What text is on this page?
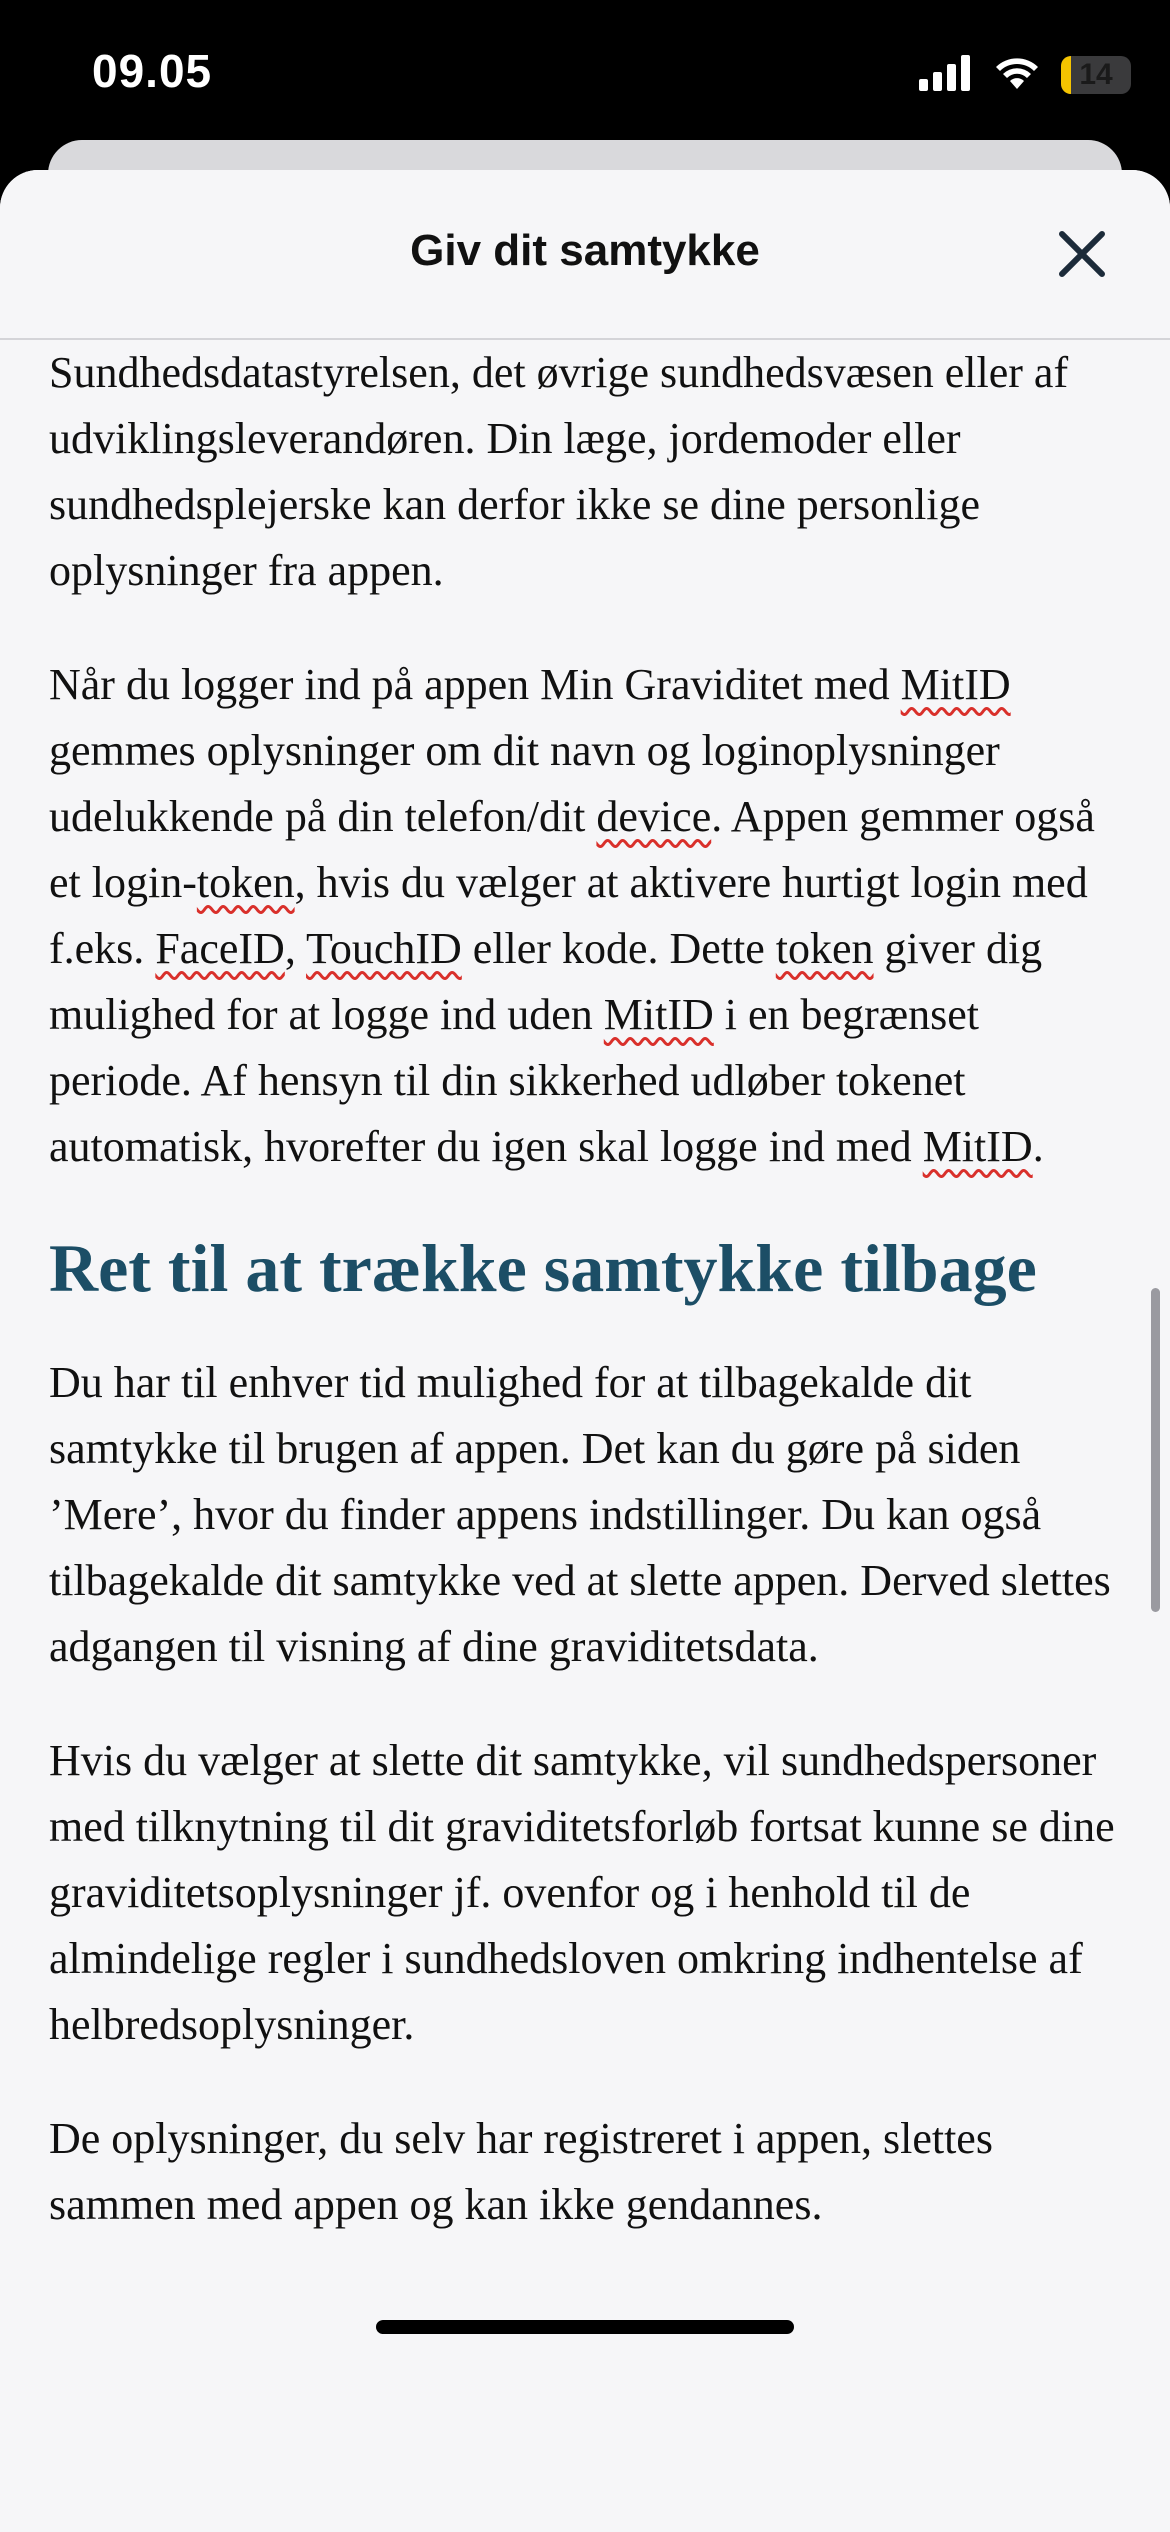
09.05	14
Giv dit samtykke

Sundhedsdatastyrelsen, det øvrige sundhedsvæsen eller af udviklingsleverandøren. Din læge, jordemoder eller sundhedsplejerske kan derfor ikke se dine personlige oplysninger fra appen.

Når du logger ind på appen Min Graviditet med MitID gemmes oplysninger om dit navn og loginoplysninger udelukkende på din telefon/dit device. Appen gemmer også et login-token, hvis du vælger at aktivere hurtigt login med f.eks. FaceID, TouchID eller kode. Dette token giver dig mulighed for at logge ind uden MitID i en begrænset periode. Af hensyn til din sikkerhed udløber tokenet automatisk, hvorefter du igen skal logge ind med MitID.

Ret til at trække samtykke tilbage

Du har til enhver tid mulighed for at tilbagekalde dit samtykke til brugen af appen. Det kan du gøre på siden ’Mere’, hvor du finder appens indstillinger. Du kan også tilbagekalde dit samtykke ved at slette appen. Derved slettes adgangen til visning af dine graviditetsdata.

Hvis du vælger at slette dit samtykke, vil sundhedspersoner med tilknytning til dit graviditetsforløb fortsat kunne se dine graviditetsoplysninger jf. ovenfor og i henhold til de almindelige regler i sundhedsloven omkring indhentelse af helbredsoplysninger.

De oplysninger, du selv har registreret i appen, slettes sammen med appen og kan ikke gendannes.
